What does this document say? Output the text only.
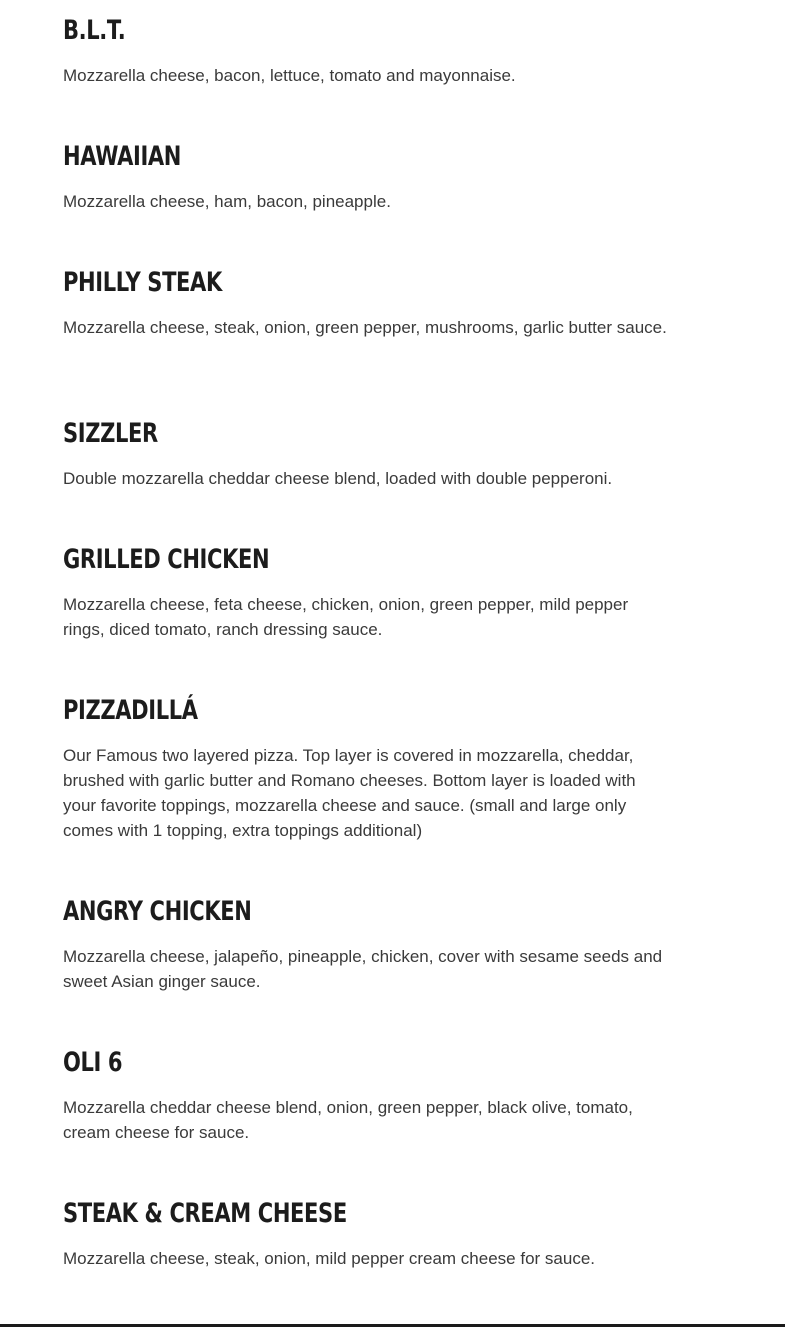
B.L.T.

Mozzarella cheese, bacon, lettuce, tomato and mayonnaise.

HAWAIIAN

Mozzarella cheese, ham, bacon, pineapple.

PHILLY STEAK

Mozzarella cheese, steak, onion, green pepper, mushrooms, garlic butter sauce.

SIZZLER

Double mozzarella cheddar cheese blend, loaded with double pepperoni.

GRILLED CHICKEN

Mozzarella cheese, feta cheese, chicken, onion, green pepper, mild pepper rings, diced tomato, ranch dressing sauce.

PIZZADILLÁ

Our Famous two layered pizza. Top layer is covered in mozzarella, cheddar, brushed with garlic butter and Romano cheeses. Bottom layer is loaded with your favorite toppings, mozzarella cheese and sauce. (small and large only comes with 1 topping, extra toppings additional)

ANGRY CHICKEN

Mozzarella cheese, jalapeño, pineapple, chicken, cover with sesame seeds and sweet Asian ginger sauce.

OLI 6

Mozzarella cheddar cheese blend, onion, green pepper, black olive, tomato, cream cheese for sauce.

STEAK & CREAM CHEESE

Mozzarella cheese, steak, onion, mild pepper cream cheese for sauce.
